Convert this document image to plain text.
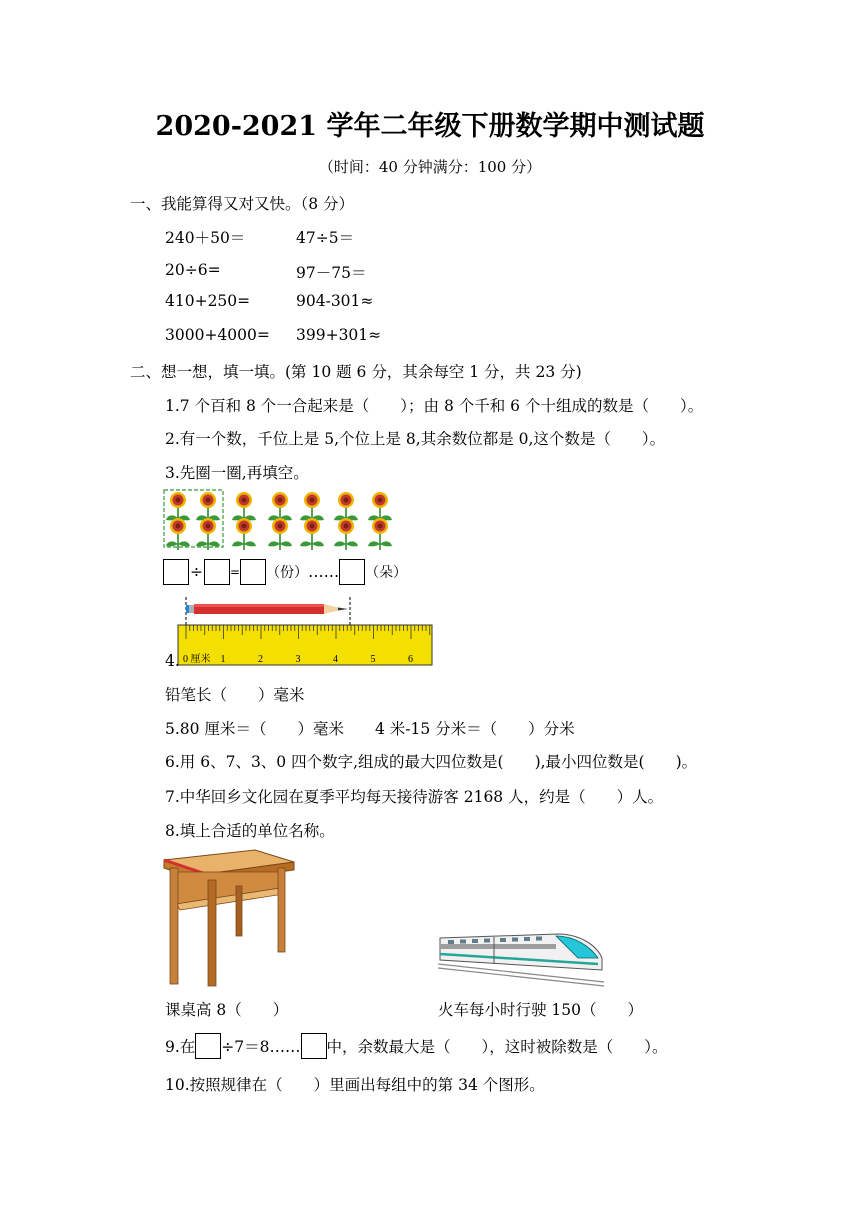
2020-2021 学年二年级下册数学期中测试题
（时间：40 分钟满分：100 分）
一、我能算得又对又快。（8 分）
240＋50＝	47÷5＝
20÷6=	97－75＝
410+250=	904-301≈
3000+4000= 399+301≈
二、想一想，填一填。(第 10 题 6 分，其余每空 1 分，共 23 分)
1.7 个百和 8 个一合起来是（　　）；由 8 个千和 6 个十组成的数是（　　）。
2.有一个数，千位上是 5,个位上是 8,其余数位都是 0,这个数是（　　）。
3.先圈一圈,再填空。
÷ = （份） …… （朵）
0 厘米 1	2	3	4	5	6
4.
铅笔长（　　）毫米
5.80 厘米＝（　　）毫米　　4 米-15 分米＝（　　）分米
6.用 6、7、3、0 四个数字,组成的最大四位数是(　　),最小四位数是(　　)。
7.中华回乡文化园在夏季平均每天接待游客 2168 人，约是（　　）人。
8.填上合适的单位名称。
课桌高 8（　　）	火车每小时行驶 150（　　）
9.在 ÷7＝8…… 中，余数最大是（　　），这时被除数是（　　）。
10.按照规律在（　　）里画出每组中的第 34 个图形。
